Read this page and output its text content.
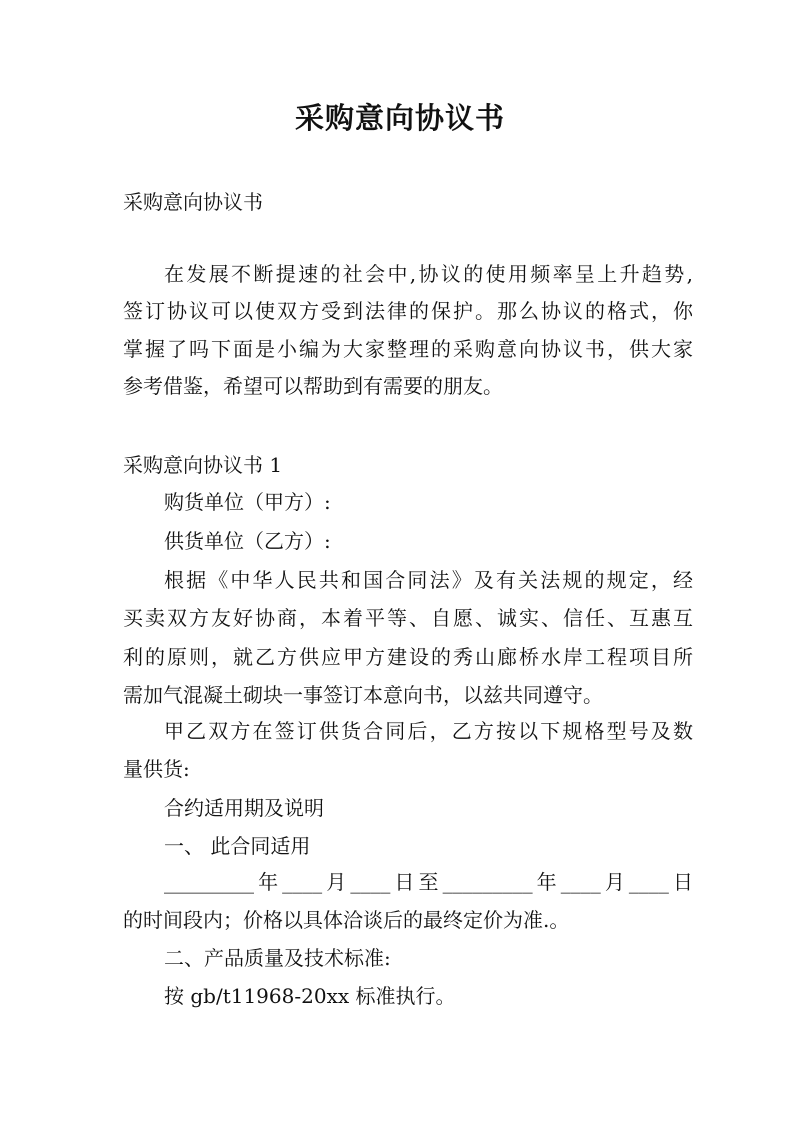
采购意向协议书

采购意向协议书

在发展不断提速的社会中,协议的使用频率呈上升趋势,

签订协议可以使双方受到法律的保护。那么协议的格式，你

掌握了吗下面是小编为大家整理的采购意向协议书，供大家

参考借鉴，希望可以帮助到有需要的朋友。

采购意向协议书 1

购货单位（甲方）:

供货单位（乙方）:

根据《中华人民共和国合同法》及有关法规的规定，经

买卖双方友好协商，本着平等、自愿、诚实、信任、互惠互

利的原则，就乙方供应甲方建设的秀山廊桥水岸工程项目所

需加气混凝土砌块一事签订本意向书，以兹共同遵守。

甲乙双方在签订供货合同后，乙方按以下规格型号及数

量供货:

合约适用期及说明

一、 此合同适用

_________年____月____日至_________年____月____日

的时间段内；价格以具体洽谈后的最终定价为准.。

二、产品质量及技术标准:

按 gb/t11968-20xx 标准执行。
